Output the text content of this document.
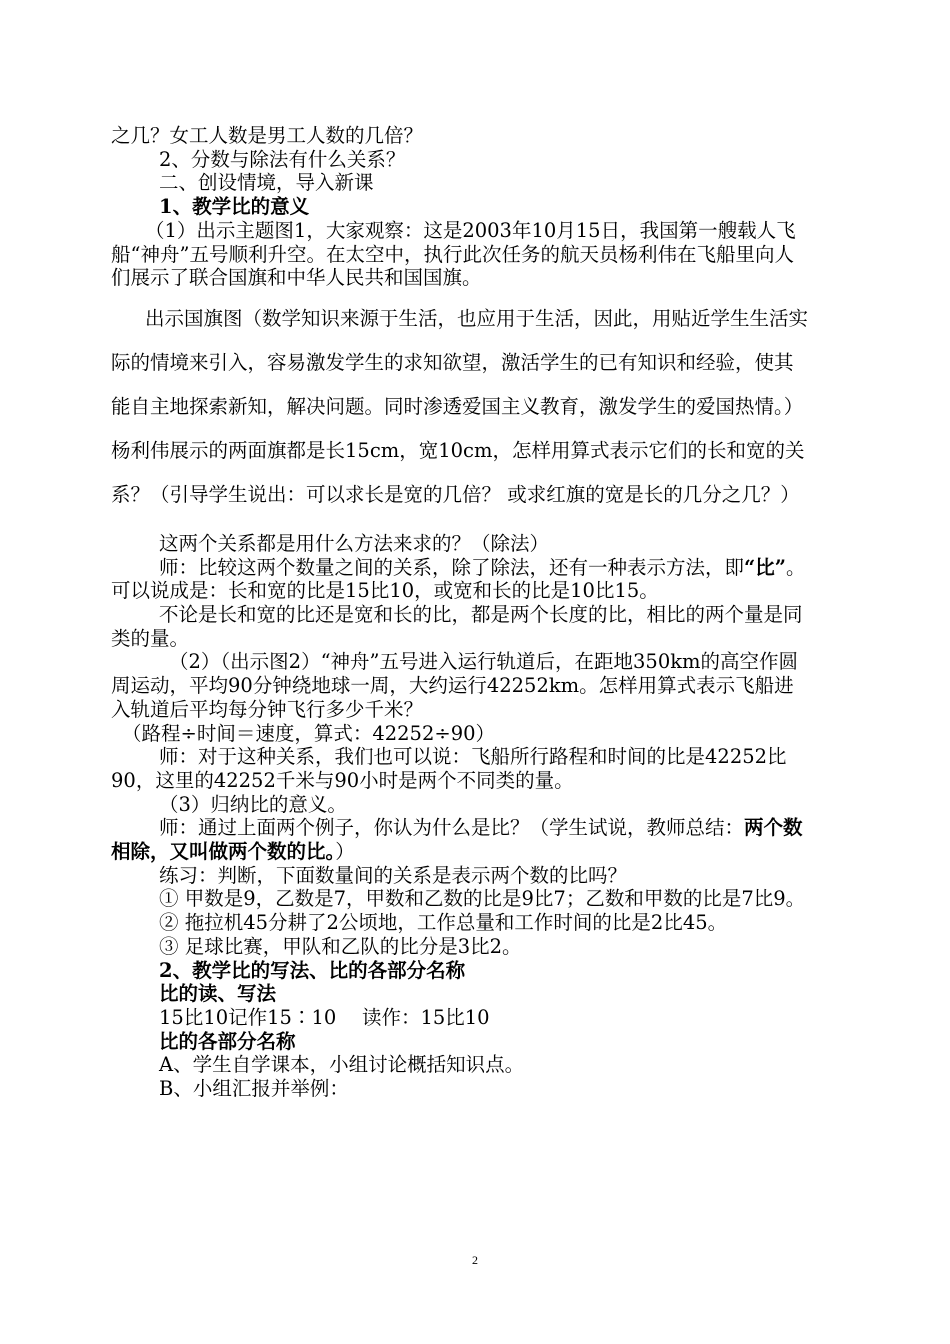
之几？女工人数是男工人数的几倍？

2、分数与除法有什么关系？

二、创设情境，导入新课

1、教学比的意义

（1）出示主题图1，大家观察：这是2003年10月15日，我国第一艘载人飞船“神舟”五号顺利升空。在太空中，执行此次任务的航天员杨利伟在飞船里向人们展示了联合国旗和中华人民共和国国旗。

出示国旗图（数学知识来源于生活，也应用于生活，因此，用贴近学生生活实际的情境来引入，容易激发学生的求知欲望，激活学生的已有知识和经验，使其能自主地探索新知，解决问题。同时渗透爱国主义教育，激发学生的爱国热情。）杨利伟展示的两面旗都是长15cm，宽10cm，怎样用算式表示它们的长和宽的关系？（引导学生说出：可以求长是宽的几倍？ 或求红旗的宽是长的几分之几？）

这两个关系都是用什么方法来求的？（除法）

师：比较这两个数量之间的关系，除了除法，还有一种表示方法，即“比”。可以说成是：长和宽的比是15比10，或宽和长的比是10比15。

不论是长和宽的比还是宽和长的比，都是两个长度的比，相比的两个量是同类的量。

（2）（出示图2）“神舟”五号进入运行轨道后，在距地350km的高空作圆周运动，平均90分钟绕地球一周，大约运行42252km。怎样用算式表示飞船进入轨道后平均每分钟飞行多少千米？

（路程÷时间＝速度，算式：42252÷90）

师：对于这种关系，我们也可以说：飞船所行路程和时间的比是42252比90，这里的42252千米与90小时是两个不同类的量。

（3）归纳比的意义。

师：通过上面两个例子，你认为什么是比？（学生试说，教师总结：两个数相除，又叫做两个数的比。）

练习：判断，下面数量间的关系是表示两个数的比吗？

① 甲数是9，乙数是7，甲数和乙数的比是9比7；乙数和甲数的比是7比9。

② 拖拉机45分耕了2公顷地，工作总量和工作时间的比是2比45。

③ 足球比赛，甲队和乙队的比分是3比2。

2、教学比的写法、比的各部分名称

比的读、写法

15比10记作15∶10　 读作：15比10

比的各部分名称

A、学生自学课本，小组讨论概括知识点。

B、小组汇报并举例：

2
